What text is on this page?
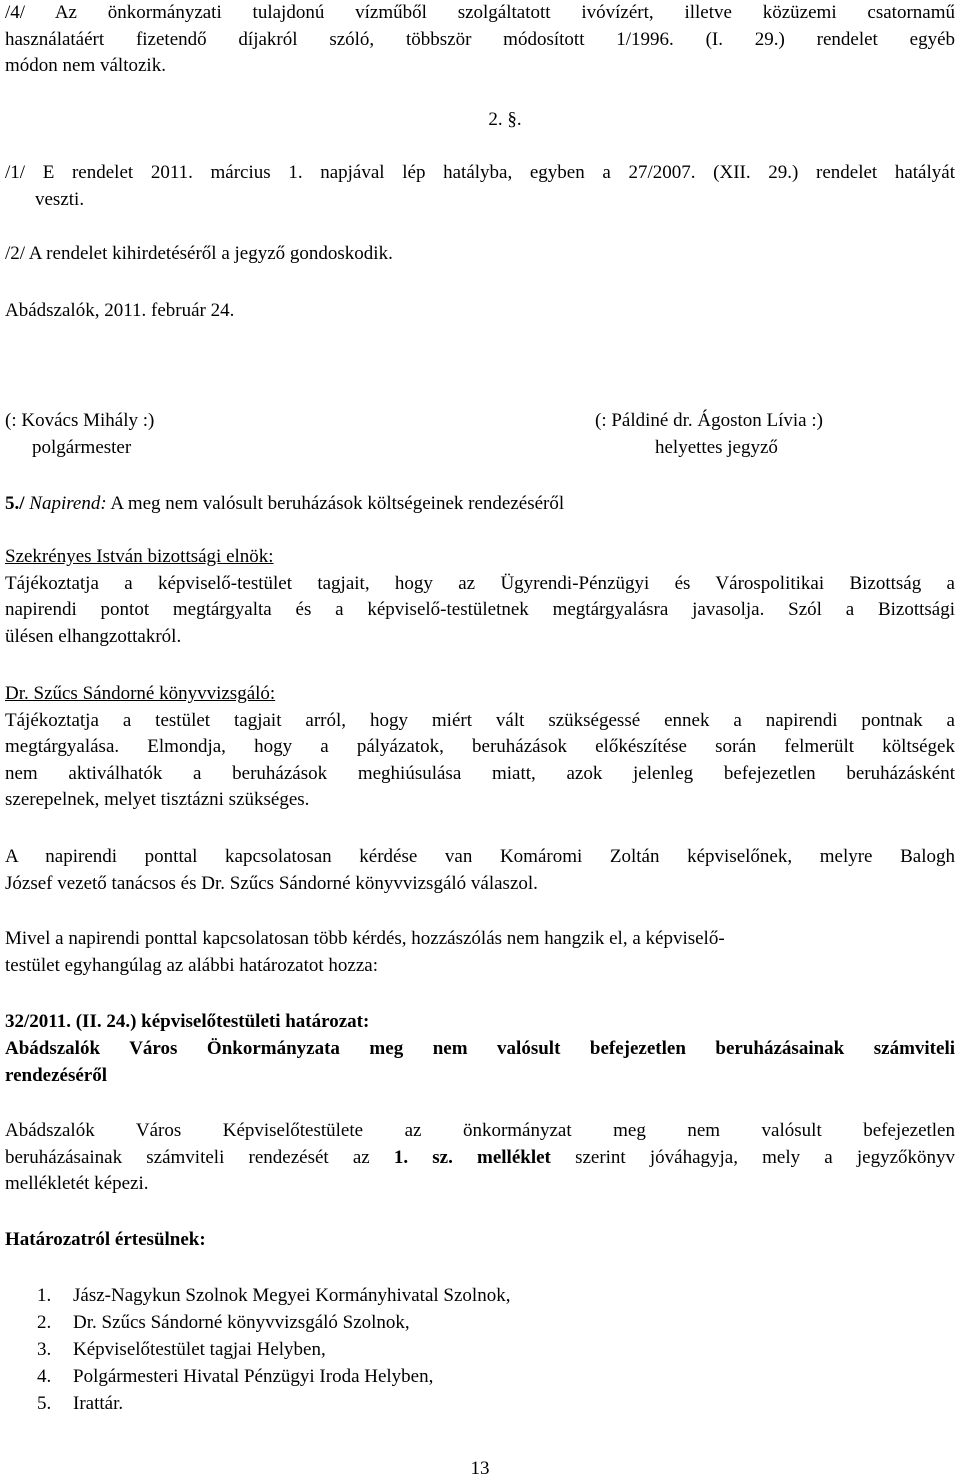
/4/ Az önkormányzati tulajdonú vízműből szolgáltatott ivóvízért, illetve közüzemi csatornamű
használatáért fizetendő díjakról szóló, többször módosított 1/1996. (I. 29.) rendelet egyéb
módon nem változik.
2. §.
/1/ E rendelet 2011. március 1. napjával lép hatályba, egyben a 27/2007. (XII. 29.) rendelet hatályát
veszti.
/2/ A rendelet kihirdetéséről a jegyző gondoskodik.
Abádszalók, 2011. február 24.
(: Kovács Mihály :)
polgármester
(: Páldiné dr. Ágoston Lívia :)
helyettes jegyző
5./ Napirend: A meg nem valósult beruházások költségeinek rendezéséről
Szekrényes István bizottsági elnök:
Tájékoztatja a képviselő-testület tagjait, hogy az Ügyrendi-Pénzügyi és Várospolitikai Bizottság a
napirendi pontot megtárgyalta és a képviselő-testületnek megtárgyalásra javasolja. Szól a Bizottsági
ülésen elhangzottakról.
Dr. Szűcs Sándorné könyvvizsgáló:
Tájékoztatja a testület tagjait arról, hogy miért vált szükségessé ennek a napirendi pontnak a
megtárgyalása. Elmondja, hogy a pályázatok, beruházások előkészítése során felmerült költségek
nem aktiválhatók a beruházások meghiúsulása miatt, azok jelenleg befejezetlen beruházásként
szerepelnek, melyet tisztázni szükséges.
A napirendi ponttal kapcsolatosan kérdése van Komáromi Zoltán képviselőnek, melyre Balogh
József vezető tanácsos és Dr. Szűcs Sándorné könyvvizsgáló válaszol.
Mivel a napirendi ponttal kapcsolatosan több kérdés, hozzászólás nem hangzik el, a képviselő-
testület egyhangúlag az alábbi határozatot hozza:
32/2011. (II. 24.) képviselőtestületi határozat:
Abádszalók Város Önkormányzata meg nem valósult befejezetlen beruházásainak számviteli
rendezéséről
Abádszalók Város Képviselőtestülete az önkormányzat meg nem valósult befejezetlen
beruházásainak számviteli rendezését az 1. sz. melléklet szerint jóváhagyja, mely a jegyzőkönyv
mellékletét képezi.
Határozatról értesülnek:
1.	Jász-Nagykun Szolnok Megyei Kormányhivatal Szolnok,
2.	Dr. Szűcs Sándorné könyvvizsgáló Szolnok,
3.	Képviselőtestület tagjai Helyben,
4.	Polgármesteri Hivatal Pénzügyi Iroda Helyben,
5.	Irattár.
13
